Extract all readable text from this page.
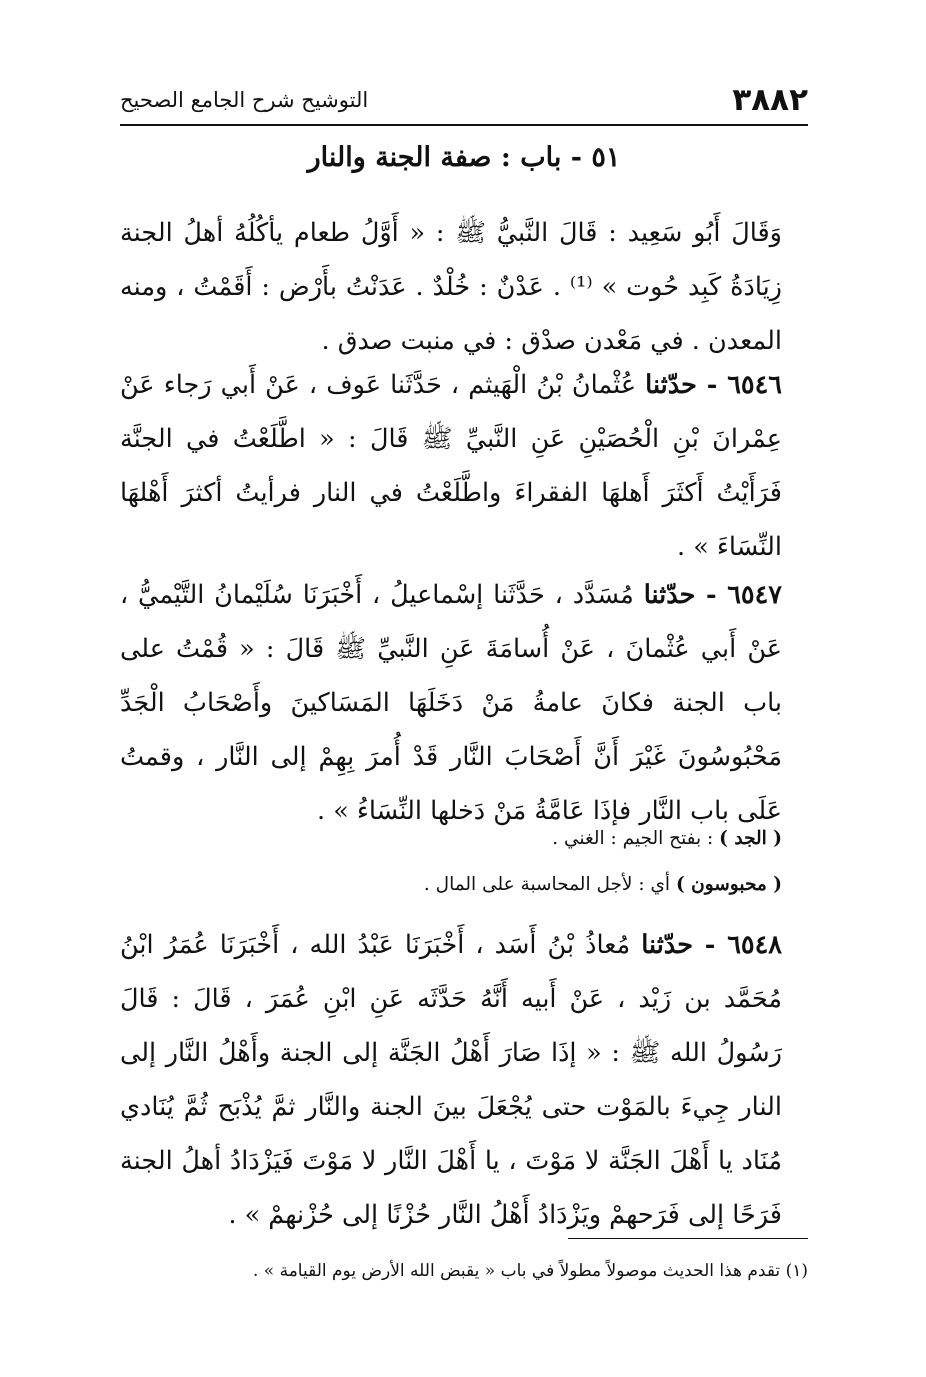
٣٨٨٢
التوشيح شرح الجامع الصحيح
٥١ - باب : صفة الجنة والنار
وَقَالَ أَبُو سَعِيد : قَالَ النَّبيُّ ﷺ : « أَوَّلُ طعام يأكُلُهُ أهلُ الجنة زِيَادَةُ كَبِد حُوت » ⁽¹⁾ . عَدْنٌ : خُلْدٌ . عَدَنْتُ بأَرْض : أَقَمْتُ ، ومنه المعدن . في مَعْدن صدْق : في منبت صدق .
٦٥٤٦ - حدّثنا عُثْمانُ بْنُ الْهَيثم ، حَدَّثَنا عَوف ، عَنْ أَبي رَجاء عَنْ عِمْرانَ بْنِ الْحُصَيْنِ عَنِ النَّبيِّ ﷺ قَالَ : « اطَّلَعْتُ في الجنَّة فَرَأَيْتُ أَكثَرَ أَهلهَا الفقراءَ واطَّلَعْتُ في النار فرأيتُ أكثرَ أَهْلهَا النِّسَاءَ » .
٦٥٤٧ - حدّثنا مُسَدَّد ، حَدَّثَنا إسْماعيلُ ، أَخْبَرَنَا سُلَيْمانُ التَّيْميُّ ، عَنْ أَبي عُثْمانَ ، عَنْ أُسامَةَ عَنِ النَّبيِّ ﷺ قَالَ : « قُمْتُ على باب الجنة فكانَ عامةُ مَنْ دَخَلَهَا المَسَاكينَ وأَصْحَابُ الْجَدِّ مَحْبُوسُونَ غَيْرَ أَنَّ أَصْحَابَ النَّار قَدْ أُمرَ بِهِمْ إلى النَّار ، وقمتُ عَلَى باب النَّار فإذَا عَامَّةُ مَنْ دَخلها النِّسَاءُ » .
( الجد ) : بفتح الجيم : الغني .
( محبوسون ) أي : لأجل المحاسبة على المال .
٦٥٤٨ - حدّثنا مُعاذُ بْنُ أَسَد ، أَخْبَرَنَا عَبْدُ الله ، أَخْبَرَنَا عُمَرُ ابْنُ مُحَمَّد بن زَيْد ، عَنْ أَبيه أَنَّهُ حَدَّثَه عَنِ ابْنِ عُمَرَ ، قَالَ : قَالَ رَسُولُ الله ﷺ : « إذَا صَارَ أَهْلُ الجَنَّة إلى الجنة وأَهْلُ النَّار إلى النار جِيءَ بالمَوْت حتى يُجْعَلَ بينَ الجنة والنَّار ثمَّ يُذْبَح ثُمَّ يُنَادي مُنَاد يا أَهْلَ الجَنَّة لا مَوْتَ ، يا أَهْلَ النَّار لا مَوْتَ فَيَزْدَادُ أهلُ الجنة فَرَحًا إلى فَرَحهمْ ويَزْدَادُ أَهْلُ النَّار حُزْنًا إلى حُزْنهمْ » .
(١) تقدم هذا الحديث موصولاً مطولاً في باب « يقبض الله الأرض يوم القيامة » .
